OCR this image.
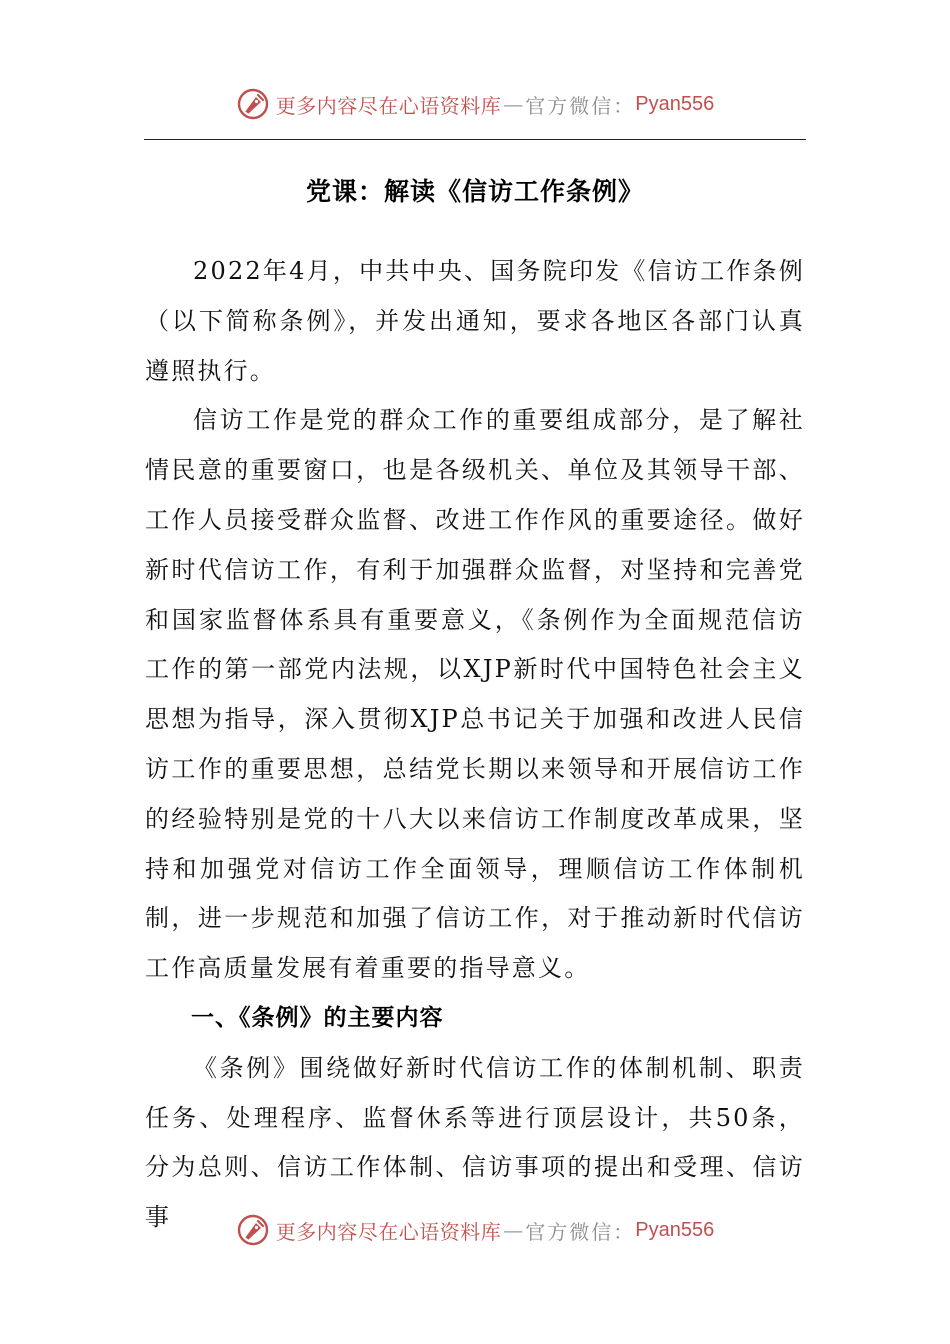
更多内容尽在心语资料库 — 官方微信： Pyan556
党课：解读《信访工作条例》

2022年4月，中共中央、国务院印发《信访工作条例（以下简称条例》，并发出通知，要求各地区各部门认真遵照执行。

信访工作是党的群众工作的重要组成部分，是了解社情民意的重要窗口，也是各级机关、单位及其领导干部、工作人员接受群众监督、改进工作作风的重要途径。做好新时代信访工作，有利于加强群众监督，对坚持和完善党和国家监督体系具有重要意义，《条例作为全面规范信访工作的第一部党内法规，以XJP新时代中国特色社会主义思想为指导，深入贯彻XJP总书记关于加强和改进人民信访工作的重要思想，总结党长期以来领导和开展信访工作的经验特别是党的十八大以来信访工作制度改革成果，坚持和加强党对信访工作全面领导，理顺信访工作体制机制，进一步规范和加强了信访工作，对于推动新时代信访工作高质量发展有着重要的指导意义。

一、《条例》的主要内容

《条例》围绕做好新时代信访工作的体制机制、职责任务、处理程序、监督休系等进行顶层设计，共50条，分为总则、信访工作体制、信访事项的提出和受理、信访事

更多内容尽在心语资料库 — 官方微信： Pyan556
